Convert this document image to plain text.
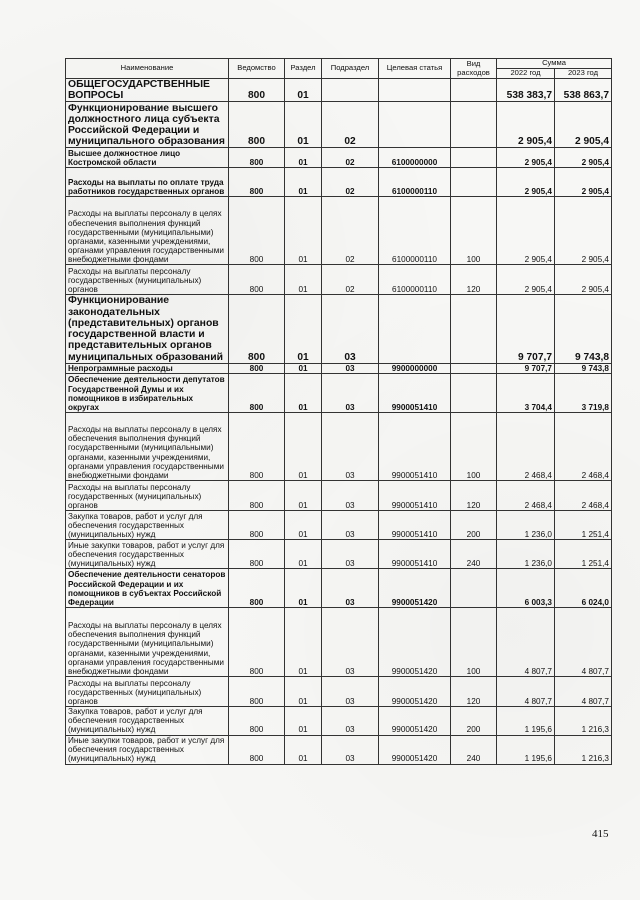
Наименование	Ведомство	Раздел	Подраздел	Целевая статья	Вид расходов	Сумма	
						2022 год	2023 год
ОБЩЕГОСУДАРСТВЕННЫЕ ВОПРОСЫ	800	01				538 383,7	538 863,7
Функционирование высшего должностного лица субъекта Российской Федерации и муниципального образования	800	01	02			2 905,4	2 905,4
Высшее должностное лицо Костромской области	800	01	02	6100000000		2 905,4	2 905,4
Расходы на выплаты по оплате труда работников государственных органов	800	01	02	6100000110		2 905,4	2 905,4
Расходы на выплаты персоналу в целях обеспечения выполнения функций государственными (муниципальными) органами, казенными учреждениями, органами управления государственными внебюджетными фондами	800	01	02	6100000110	100	2 905,4	2 905,4
Расходы на выплаты персоналу государственных (муниципальных) органов	800	01	02	6100000110	120	2 905,4	2 905,4
Функционирование законодательных (представительных) органов государственной власти и представительных органов муниципальных образований	800	01	03			9 707,7	9 743,8
Непрограммные расходы	800	01	03	9900000000		9 707,7	9 743,8
Обеспечение деятельности депутатов Государственной Думы и их помощников в избирательных округах	800	01	03	9900051410		3 704,4	3 719,8
Расходы на выплаты персоналу в целях обеспечения выполнения функций государственными (муниципальными) органами, казенными учреждениями, органами управления государственными внебюджетными фондами	800	01	03	9900051410	100	2 468,4	2 468,4
Расходы на выплаты персоналу государственных (муниципальных) органов	800	01	03	9900051410	120	2 468,4	2 468,4
Закупка товаров, работ и услуг для обеспечения государственных (муниципальных) нужд	800	01	03	9900051410	200	1 236,0	1 251,4
Иные закупки товаров, работ и услуг для обеспечения государственных (муниципальных) нужд	800	01	03	9900051410	240	1 236,0	1 251,4
Обеспечение деятельности сенаторов Российской Федерации и их помощников в субъектах Российской Федерации	800	01	03	9900051420		6 003,3	6 024,0
Расходы на выплаты персоналу в целях обеспечения выполнения функций государственными (муниципальными) органами, казенными учреждениями, органами управления государственными внебюджетными фондами	800	01	03	9900051420	100	4 807,7	4 807,7
Расходы на выплаты персоналу государственных (муниципальных) органов	800	01	03	9900051420	120	4 807,7	4 807,7
Закупка товаров, работ и услуг для обеспечения государственных (муниципальных) нужд	800	01	03	9900051420	200	1 195,6	1 216,3
Иные закупки товаров, работ и услуг для обеспечения государственных (муниципальных) нужд	800	01	03	9900051420	240	1 195,6	1 216,3
415
